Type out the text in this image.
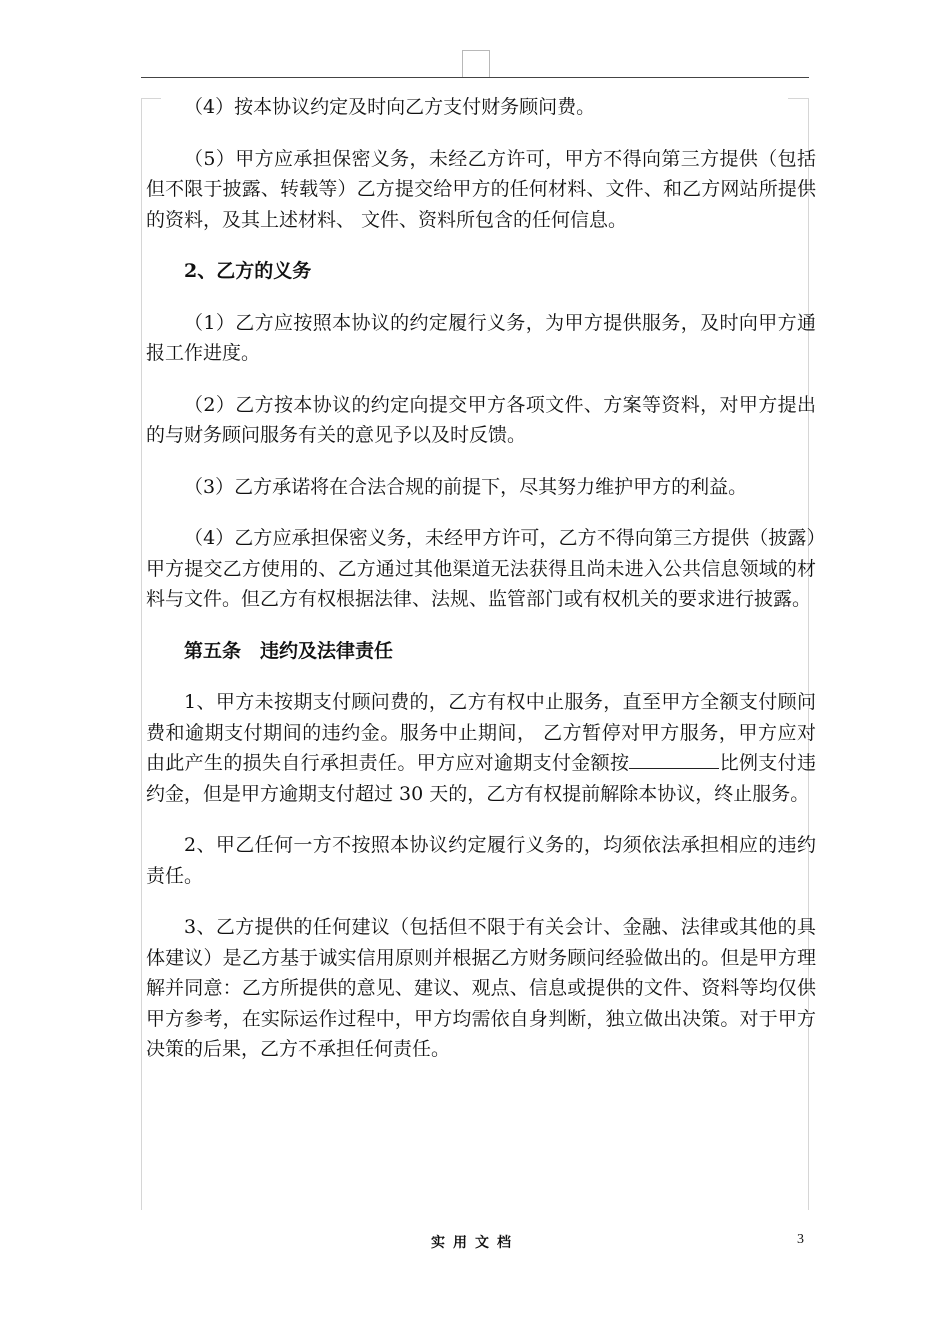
（4）按本协议约定及时向乙方支付财务顾问费。

（5）甲方应承担保密义务，未经乙方许可，甲方不得向第三方提供（包括但不限于披露、转载等）乙方提交给甲方的任何材料、文件、和乙方网站所提供的资料，及其上述材料、 文件、资料所包含的任何信息。

2、乙方的义务

（1）乙方应按照本协议的约定履行义务，为甲方提供服务，及时向甲方通报工作进度。

（2）乙方按本协议的约定向提交甲方各项文件、方案等资料，对甲方提出的与财务顾问服务有关的意见予以及时反馈。

（3）乙方承诺将在合法合规的前提下，尽其努力维护甲方的利益。

（4）乙方应承担保密义务，未经甲方许可，乙方不得向第三方提供（披露）甲方提交乙方使用的、乙方通过其他渠道无法获得且尚未进入公共信息领域的材料与文件。但乙方有权根据法律、法规、监管部门或有权机关的要求进行披露。

第五条　违约及法律责任

1、甲方未按期支付顾问费的，乙方有权中止服务，直至甲方全额支付顾问费和逾期支付期间的违约金。服务中止期间， 乙方暂停对甲方服务，甲方应对由此产生的损失自行承担责任。甲方应对逾期支付金额按	比例支付违约金，但是甲方逾期支付超过 30 天的，乙方有权提前解除本协议，终止服务。

2、甲乙任何一方不按照本协议约定履行义务的，均须依法承担相应的违约责任。

3、乙方提供的任何建议（包括但不限于有关会计、金融、法律或其他的具体建议）是乙方基于诚实信用原则并根据乙方财务顾问经验做出的。但是甲方理解并同意：乙方所提供的意见、建议、观点、信息或提供的文件、资料等均仅供甲方参考，在实际运作过程中，甲方均需依自身判断，独立做出决策。对于甲方决策的后果，乙方不承担任何责任。

实用文档	3
